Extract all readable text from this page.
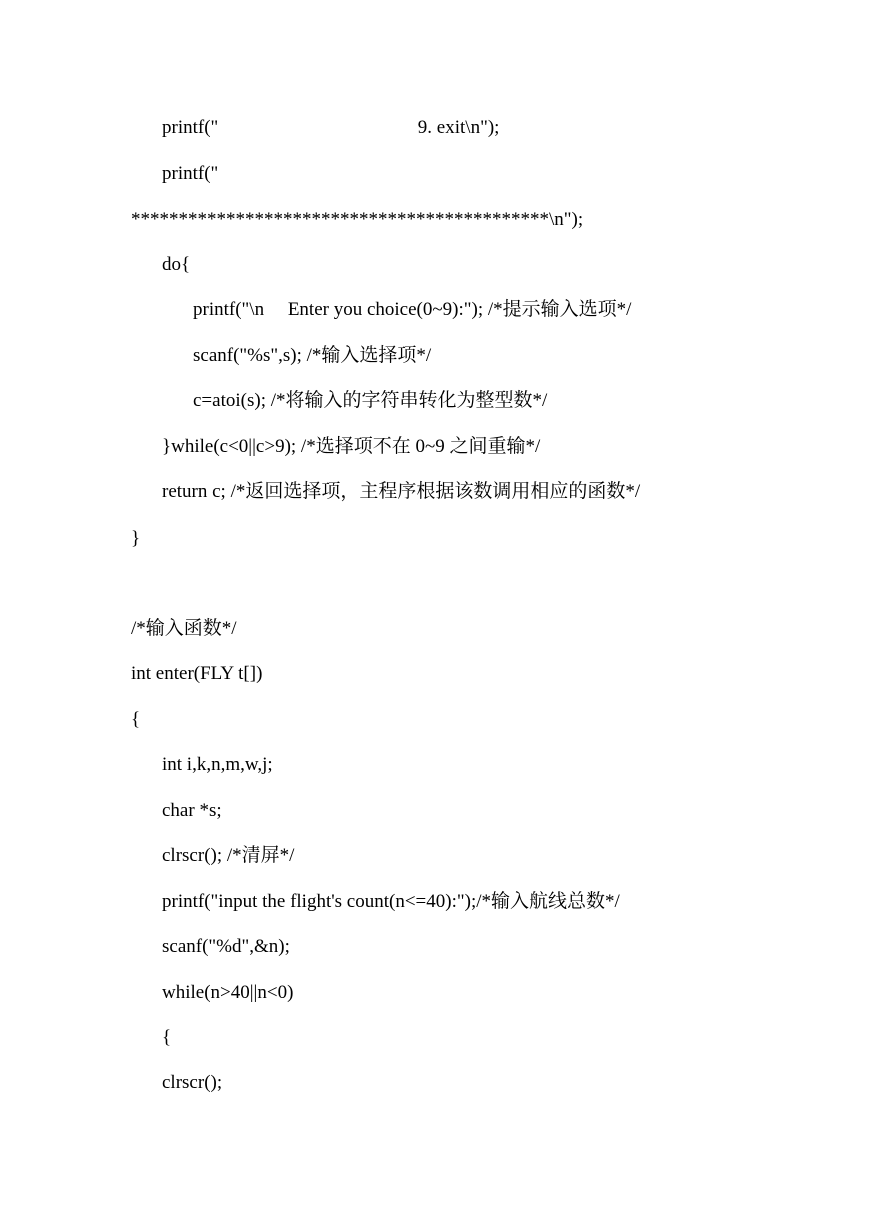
printf("                                          9. exit\n");
printf("
********************************************\n");
do{
printf("\n     Enter you choice(0~9):"); /*提示输入选项*/
scanf("%s",s); /*输入选择项*/
c=atoi(s); /*将输入的字符串转化为整型数*/
}while(c<0||c>9); /*选择项不在 0~9 之间重输*/
return c; /*返回选择项，主程序根据该数调用相应的函数*/
}
/*输入函数*/
int enter(FLY t[])
{
int i,k,n,m,w,j;
char *s;
clrscr(); /*清屏*/
printf("input the flight's count(n<=40):");/*输入航线总数*/
scanf("%d",&n);
while(n>40||n<0)
{
clrscr();
